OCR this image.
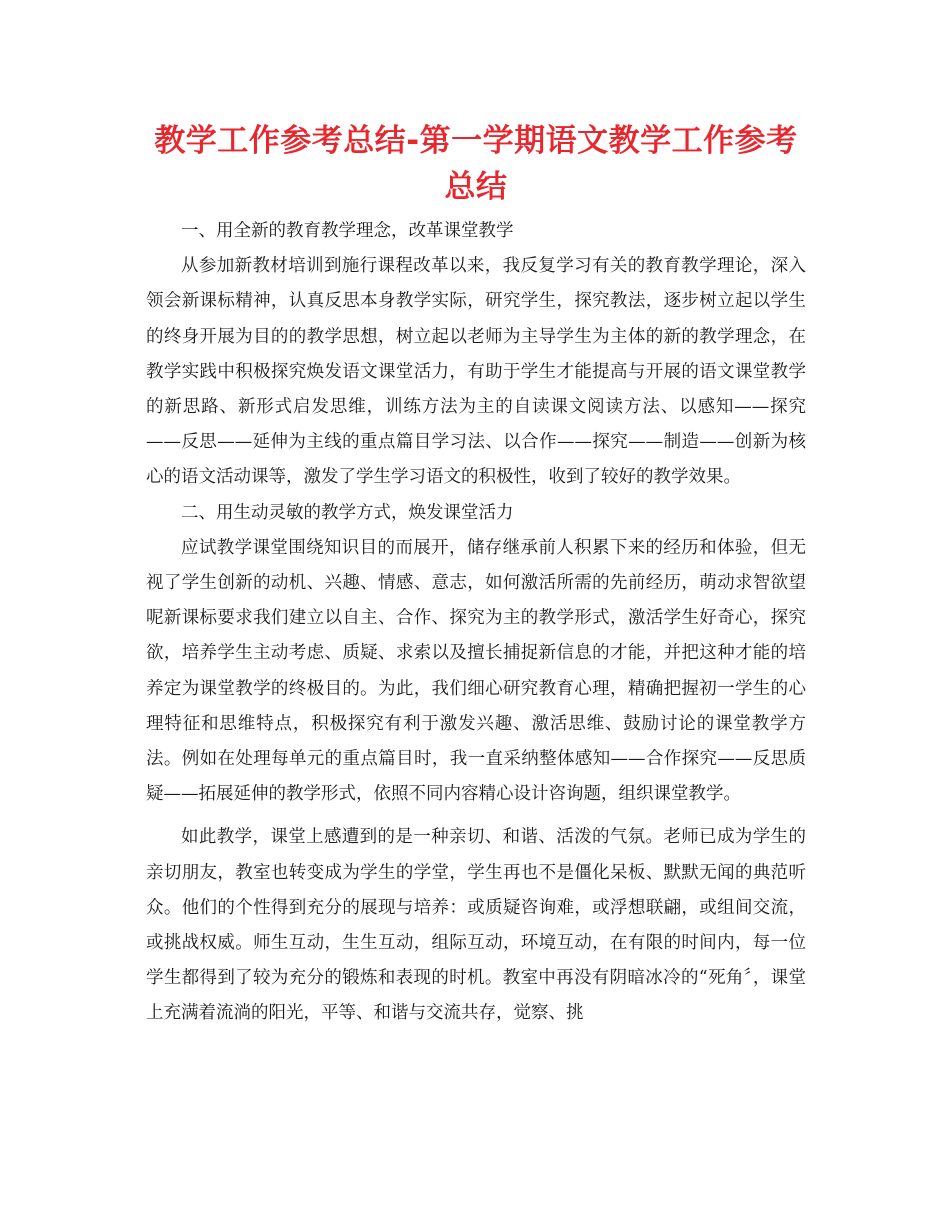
教学工作参考总结-第一学期语文教学工作参考总结

一、用全新的教育教学理念，改革课堂教学

从参加新教材培训到施行课程改革以来，我反复学习有关的教育教学理论，深入领会新课标精神，认真反思本身教学实际，研究学生，探究教法，逐步树立起以学生的终身开展为目的的教学思想，树立起以老师为主导学生为主体的新的教学理念，在教学实践中积极探究焕发语文课堂活力，有助于学生才能提高与开展的语文课堂教学的新思路、新形式启发思维，训练方法为主的自读课文阅读方法、以感知——探究——反思——延伸为主线的重点篇目学习法、以合作——探究——制造——创新为核心的语文活动课等，激发了学生学习语文的积极性，收到了较好的教学效果。

二、用生动灵敏的教学方式，焕发课堂活力

应试教学课堂围绕知识目的而展开，储存继承前人积累下来的经历和体验，但无视了学生创新的动机、兴趣、情感、意志，如何激活所需的先前经历，萌动求智欲望呢新课标要求我们建立以自主、合作、探究为主的教学形式，激活学生好奇心，探究欲，培养学生主动考虑、质疑、求索以及擅长捕捉新信息的才能，并把这种才能的培养定为课堂教学的终极目的。为此，我们细心研究教育心理，精确把握初一学生的心理特征和思维特点，积极探究有利于激发兴趣、激活思维、鼓励讨论的课堂教学方法。例如在处理每单元的重点篇目时，我一直采纳整体感知——合作探究——反思质疑——拓展延伸的教学形式，依照不同内容精心设计咨询题，组织课堂教学。

如此教学，课堂上感遭到的是一种亲切、和谐、活泼的气氛。老师已成为学生的亲切朋友，教室也转变成为学生的学堂，学生再也不是僵化呆板、默默无闻的典范听众。他们的个性得到充分的展现与培养：或质疑咨询难，或浮想联翩，或组间交流，或挑战权威。师生互动，生生互动，组际互动，环境互动，在有限的时间内，每一位学生都得到了较为充分的锻炼和表现的时机。教室中再没有阴暗冰冷的“死角〞，课堂上充满着流淌的阳光，平等、和谐与交流共存，觉察、挑
